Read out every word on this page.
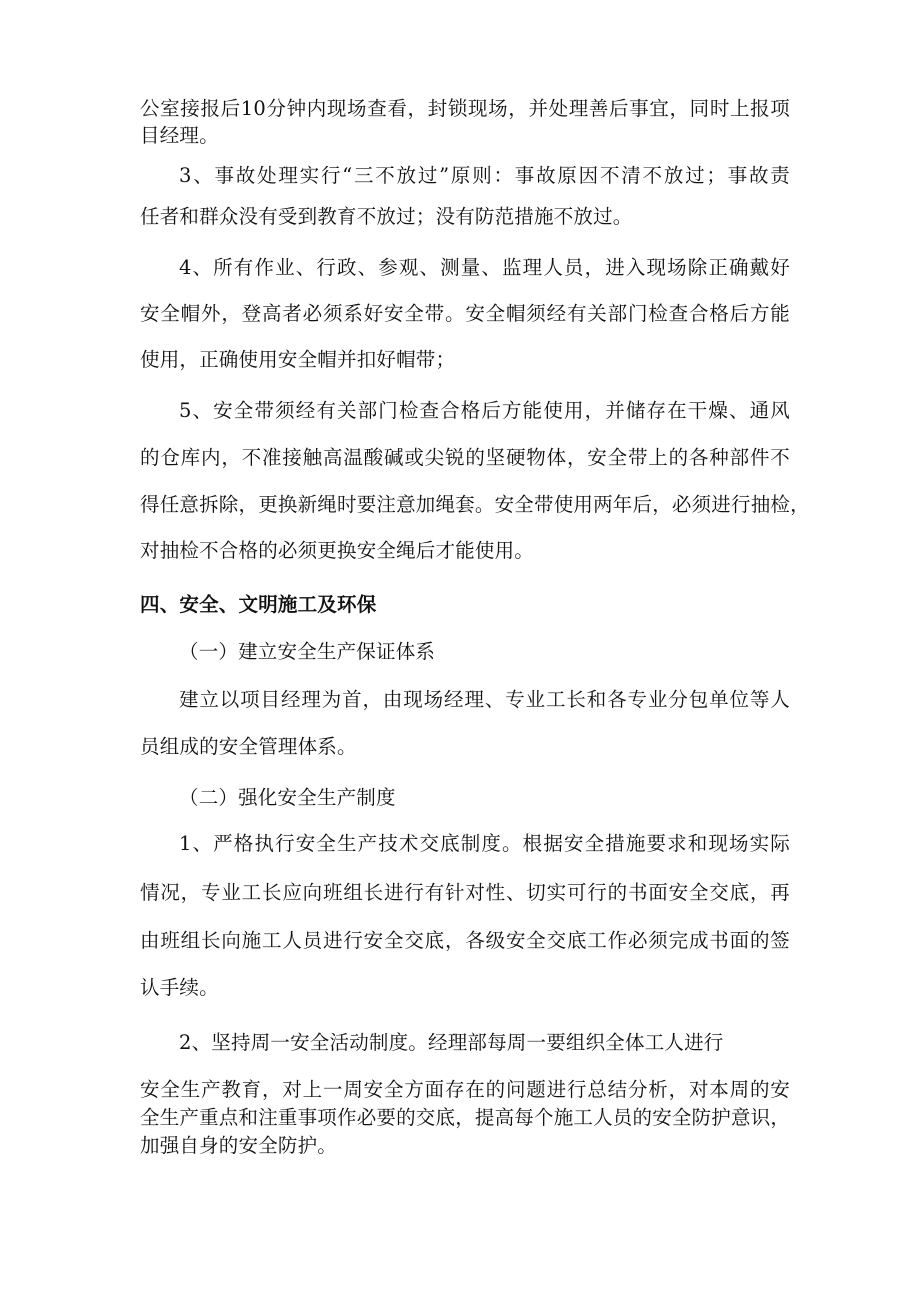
公室接报后10分钟内现场查看，封锁现场，并处理善后事宜，同时上报项
目经理。
3、事故处理实行“三不放过”原则：事故原因不清不放过；事故责
任者和群众没有受到教育不放过；没有防范措施不放过。
4、所有作业、行政、参观、测量、监理人员，进入现场除正确戴好
安全帽外，登高者必须系好安全带。安全帽须经有关部门检查合格后方能
使用，正确使用安全帽并扣好帽带；
5、安全带须经有关部门检查合格后方能使用，并储存在干燥、通风
的仓库内，不准接触高温酸碱或尖锐的坚硬物体，安全带上的各种部件不
得任意拆除，更换新绳时要注意加绳套。安全带使用两年后，必须进行抽检，
对抽检不合格的必须更换安全绳后才能使用。
四、安全、文明施工及环保
（一）建立安全生产保证体系
建立以项目经理为首，由现场经理、专业工长和各专业分包单位等人
员组成的安全管理体系。
（二）强化安全生产制度
1、严格执行安全生产技术交底制度。根据安全措施要求和现场实际
情况，专业工长应向班组长进行有针对性、切实可行的书面安全交底，再
由班组长向施工人员进行安全交底，各级安全交底工作必须完成书面的签
认手续。
2、坚持周一安全活动制度。经理部每周一要组织全体工人进行
安全生产教育，对上一周安全方面存在的问题进行总结分析，对本周的安
全生产重点和注重事项作必要的交底，提高每个施工人员的安全防护意识，
加强自身的安全防护。
